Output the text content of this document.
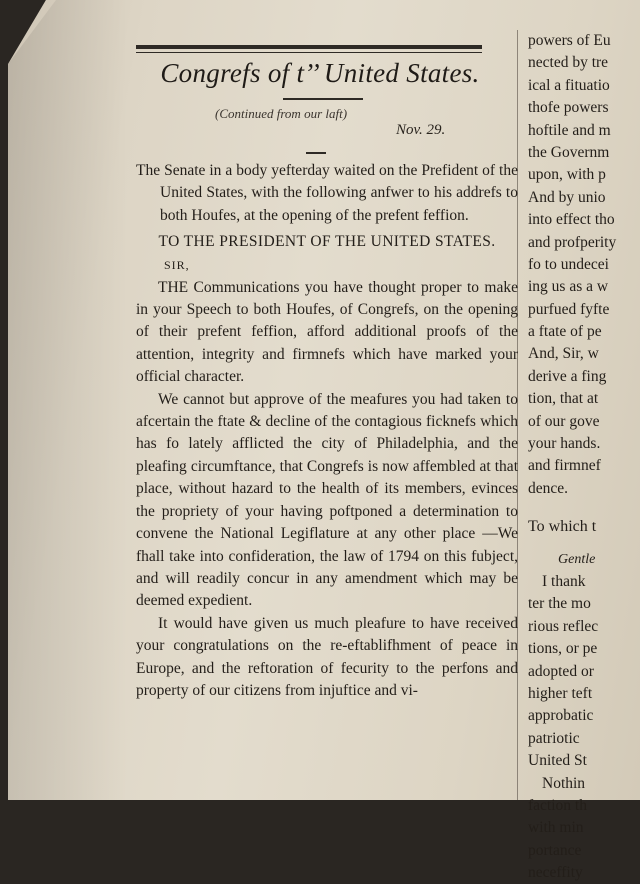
Congrefs of t’’ United States.
(Continued from our laft)
Nov. 29.

The Senate in a body yefterday waited on the Prefident of the United States, with the following anfwer to his addrefs to both Houfes, at the opening of the prefent feffion.

TO THE PRESIDENT OF THE UNITED STATES.
SIR,

THE Communications you have thought proper to make in your Speech to both Houfes, of Congrefs, on the opening of their prefent feffion, afford additional proofs of the attention, integrity and firmnefs which have marked your official character.

We cannot but approve of the meafures you had taken to afcertain the ftate & decline of the contagious ficknefs which has fo lately afflicted the city of Philadelphia, and the pleafing circumftance, that Congrefs is now affembled at that place, without hazard to the health of its members, evinces the propriety of your having poftponed a determination to convene the National Legiflature at any other place —We fhall take into confideration, the law of 1794 on this fubject, and will readily concur in any amendment which may be deemed expedient.

It would have given us much pleafure to have received your congratulations on the re-eftablifhment of peace in Europe, and the reftoration of fecurity to the perfons and property of our citizens from injuftice and vi-

powers of Eu
nected by tre
ical a fituatio
thofe powers
hoftile and m
the Governm
upon, with p
And by unio
into effect tho
and profperity
fo to undecei
ing us as a w
purfued fyfte
a ftate of pe
And, Sir, w
derive a fing
tion, that at
of our gove
your hands.
and firmnef
dence.
To which t
Gentle
I thank
ter the mo
rious reflec
tions, or pe
adopted or
higher teft
approbatic
patriotic
United St
Nothin
faction th
with min
portance
neceffity
